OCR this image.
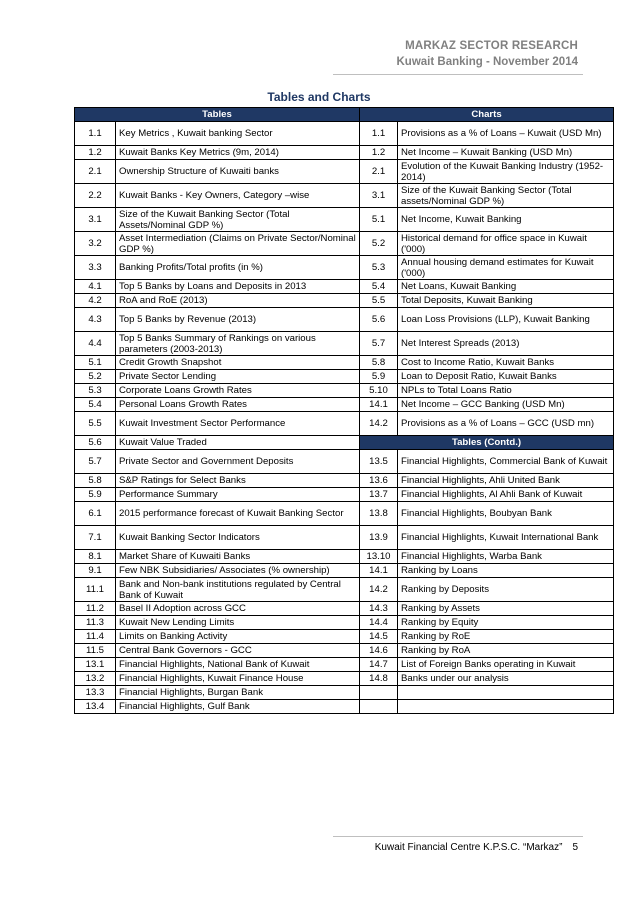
MARKAZ SECTOR RESEARCH
Kuwait Banking - November 2014
Tables and Charts
Tables		Charts	
1.1	Key Metrics , Kuwait banking Sector	1.1	Provisions as a % of Loans – Kuwait (USD Mn)
1.2	Kuwait Banks Key Metrics (9m, 2014)	1.2	Net Income – Kuwait Banking (USD Mn)
2.1	Ownership Structure of Kuwaiti banks	2.1	Evolution of the Kuwait Banking Industry (1952-2014)
2.2	Kuwait Banks - Key Owners, Category –wise	3.1	Size of the Kuwait Banking Sector (Total assets/Nominal GDP %)
3.1	Size of the Kuwait Banking Sector (Total Assets/Nominal GDP %)	5.1	Net Income, Kuwait Banking
3.2	Asset Intermediation (Claims on Private Sector/Nominal GDP %)	5.2	Historical demand for office space in Kuwait ('000)
3.3	Banking Profits/Total profits (in %)	5.3	Annual housing demand estimates for Kuwait ('000)
4.1	Top 5 Banks by Loans and Deposits in 2013	5.4	Net Loans, Kuwait Banking
4.2	RoA and RoE (2013)	5.5	Total Deposits, Kuwait Banking
4.3	Top 5 Banks by Revenue (2013)	5.6	Loan Loss Provisions (LLP), Kuwait Banking
4.4	Top 5 Banks Summary of Rankings on various parameters (2003-2013)	5.7	Net Interest Spreads (2013)
5.1	Credit Growth Snapshot	5.8	Cost to Income Ratio, Kuwait Banks
5.2	Private Sector Lending	5.9	Loan to Deposit Ratio, Kuwait Banks
5.3	Corporate Loans Growth Rates	5.10	NPLs to Total Loans Ratio
5.4	Personal Loans Growth Rates	14.1	Net Income – GCC Banking (USD Mn)
5.5	Kuwait Investment Sector Performance	14.2	Provisions as a % of Loans – GCC (USD mn)
5.6	Kuwait Value Traded	Tables (Contd.)	
5.7	Private Sector and Government Deposits	13.5	Financial Highlights, Commercial Bank of Kuwait
5.8	S&P Ratings for Select Banks	13.6	Financial Highlights, Ahli United Bank
5.9	Performance Summary	13.7	Financial Highlights, Al Ahli Bank of Kuwait
6.1	2015 performance forecast of Kuwait Banking Sector	13.8	Financial Highlights, Boubyan Bank
7.1	Kuwait Banking Sector Indicators	13.9	Financial Highlights, Kuwait International Bank
8.1	Market Share of Kuwaiti Banks	13.10	Financial Highlights, Warba Bank
9.1	Few NBK Subsidiaries/ Associates (% ownership)	14.1	Ranking by Loans
11.1	Bank and Non-bank institutions regulated by Central Bank of Kuwait	14.2	Ranking by Deposits
11.2	Basel II Adoption across GCC	14.3	Ranking by Assets
11.3	Kuwait New Lending Limits	14.4	Ranking by Equity
11.4	Limits on Banking Activity	14.5	Ranking by RoE
11.5	Central Bank Governors - GCC	14.6	Ranking by RoA
13.1	Financial Highlights, National Bank of Kuwait	14.7	List of Foreign Banks operating in Kuwait
13.2	Financial Highlights, Kuwait Finance House	14.8	Banks under our analysis
13.3	Financial Highlights, Burgan Bank		
13.4	Financial Highlights, Gulf Bank		
Kuwait Financial Centre K.P.S.C. “Markaz” 5
